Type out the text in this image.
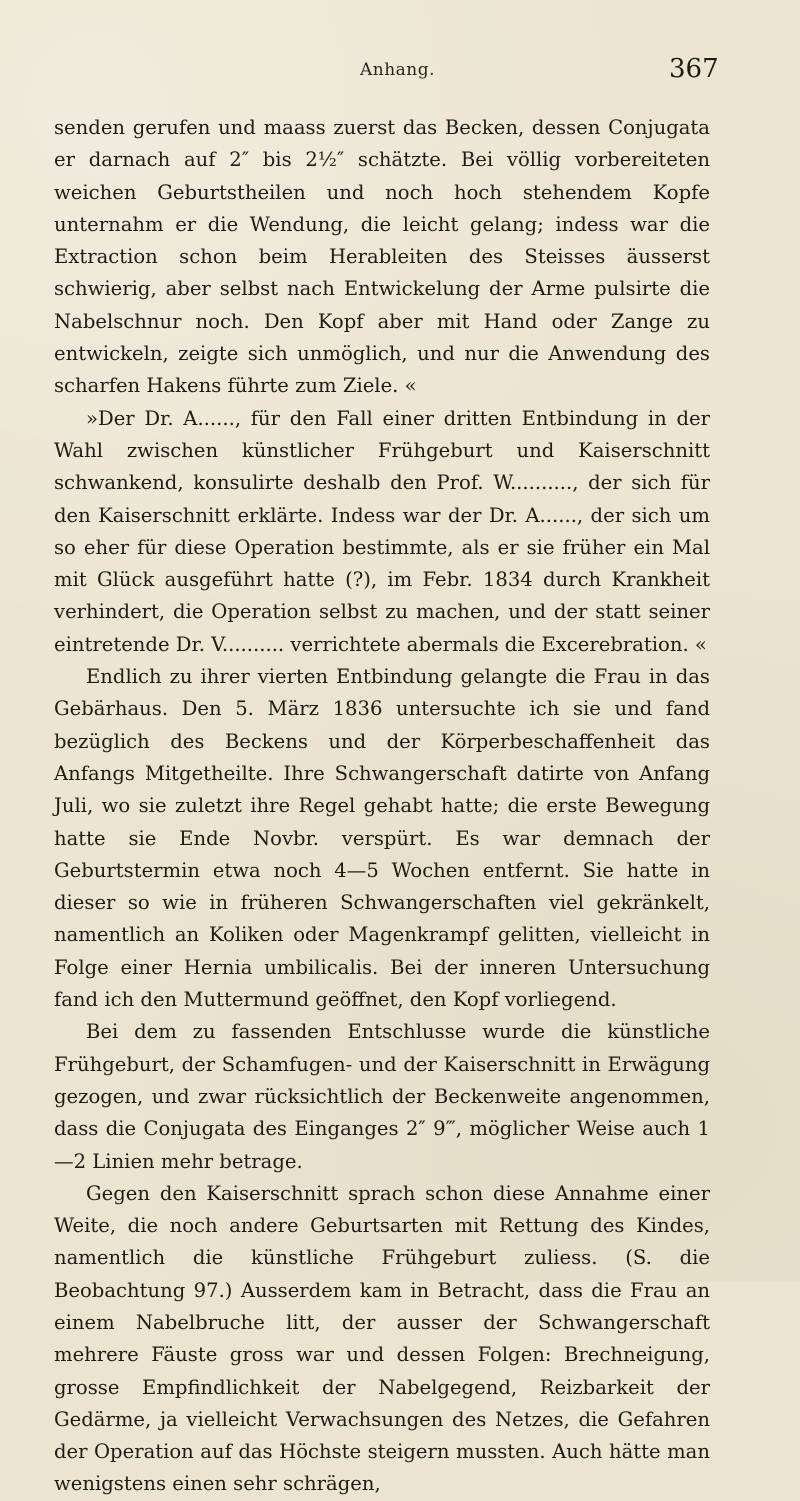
Anhang.	367

senden gerufen und maass zuerst das Becken, dessen Conjugata er darnach auf 2″ bis 2½″ schätzte. Bei völlig vorbereiteten weichen Geburtstheilen und noch hoch stehendem Kopfe unternahm er die Wendung, die leicht gelang; indess war die Extraction schon beim Herableiten des Steisses äusserst schwierig, aber selbst nach Entwickelung der Arme pulsirte die Nabelschnur noch. Den Kopf aber mit Hand oder Zange zu entwickeln, zeigte sich unmöglich, und nur die Anwendung des scharfen Hakens führte zum Ziele. «

»Der Dr. A......, für den Fall einer dritten Entbindung in der Wahl zwischen künstlicher Frühgeburt und Kaiserschnitt schwankend, konsulirte deshalb den Prof. W.........., der sich für den Kaiserschnitt erklärte. Indess war der Dr. A......, der sich um so eher für diese Operation bestimmte, als er sie früher ein Mal mit Glück ausgeführt hatte (?), im Febr. 1834 durch Krankheit verhindert, die Operation selbst zu machen, und der statt seiner eintretende Dr. V.......... verrichtete abermals die Excerebration. «

Endlich zu ihrer vierten Entbindung gelangte die Frau in das Gebärhaus. Den 5. März 1836 untersuchte ich sie und fand bezüglich des Beckens und der Körperbeschaffenheit das Anfangs Mitgetheilte. Ihre Schwangerschaft datirte von Anfang Juli, wo sie zuletzt ihre Regel gehabt hatte; die erste Bewegung hatte sie Ende Novbr. verspürt. Es war demnach der Geburtstermin etwa noch 4—5 Wochen entfernt. Sie hatte in dieser so wie in früheren Schwangerschaften viel gekränkelt, namentlich an Koliken oder Magenkrampf gelitten, vielleicht in Folge einer Hernia umbilicalis. Bei der inneren Untersuchung fand ich den Muttermund geöffnet, den Kopf vorliegend.

Bei dem zu fassenden Entschlusse wurde die künstliche Frühgeburt, der Schamfugen- und der Kaiserschnitt in Erwägung gezogen, und zwar rücksichtlich der Beckenweite angenommen, dass die Conjugata des Einganges 2″ 9‴, möglicher Weise auch 1—2 Linien mehr betrage.

Gegen den Kaiserschnitt sprach schon diese Annahme einer Weite, die noch andere Geburtsarten mit Rettung des Kindes, namentlich die künstliche Frühgeburt zuliess. (S. die Beobachtung 97.) Ausserdem kam in Betracht, dass die Frau an einem Nabelbruche litt, der ausser der Schwangerschaft mehrere Fäuste gross war und dessen Folgen: Brechneigung, grosse Empfindlichkeit der Nabelgegend, Reizbarkeit der Gedärme, ja vielleicht Verwachsungen des Netzes, die Gefahren der Operation auf das Höchste steigern mussten. Auch hätte man wenigstens einen sehr schrägen,
